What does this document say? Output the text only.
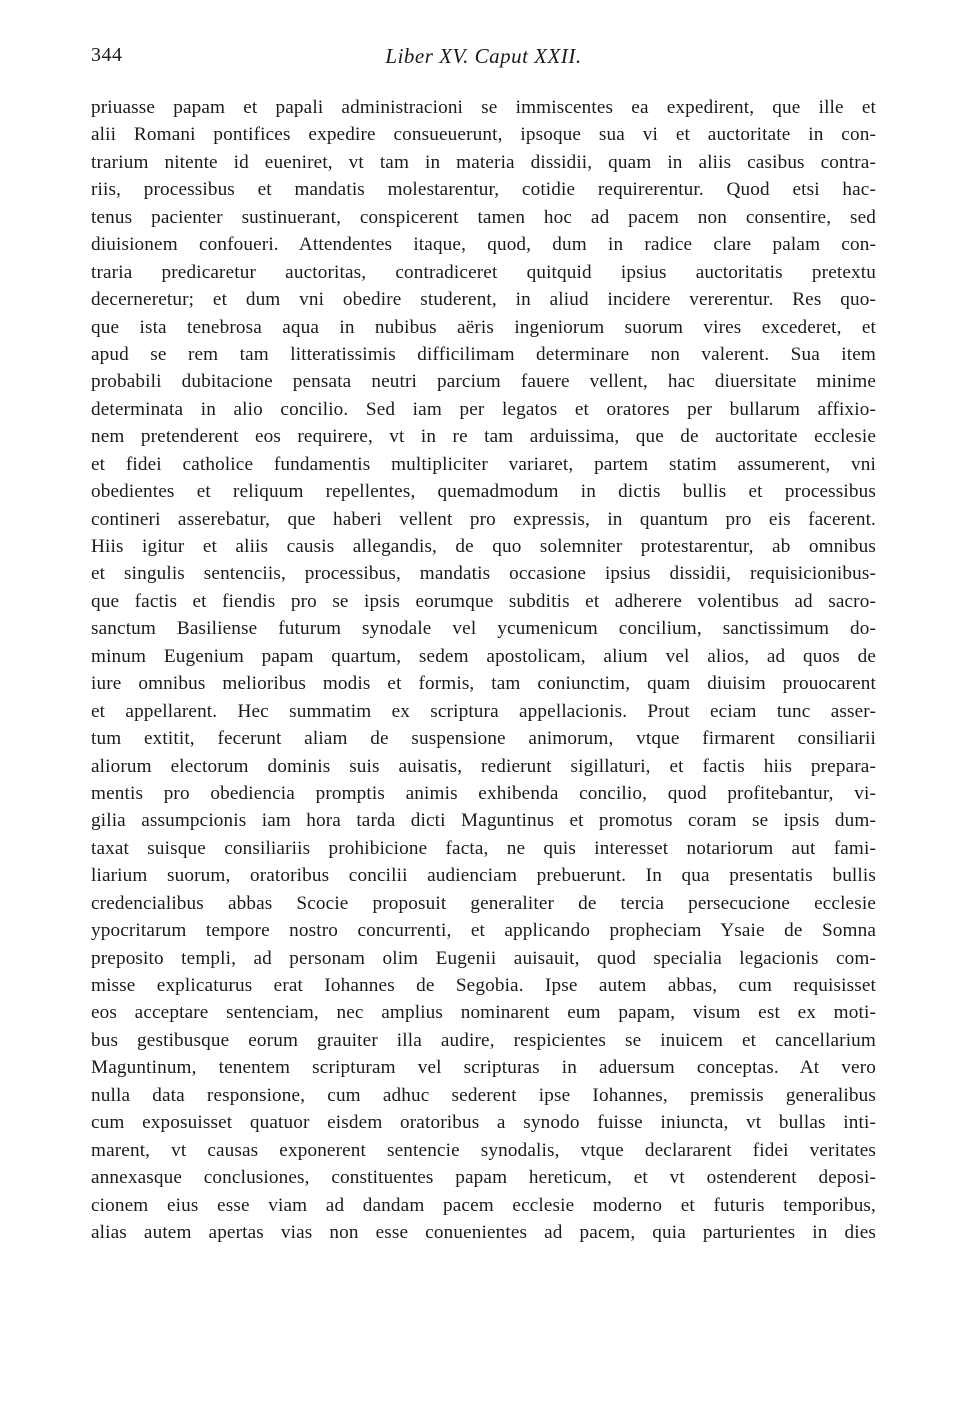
344	Liber XV. Caput XXII.
priuasse papam et papali administracioni se immiscentes ea expedirent, que ille et
alii Romani pontifices expedire consueuerunt, ipsoque sua vi et auctoritate in con-
trarium nitente id eueniret, vt tam in materia dissidii, quam in aliis casibus contra-
riis, processibus et mandatis molestarentur, cotidie requirerentur. Quod etsi hac-
tenus pacienter sustinuerant, conspicerent tamen hoc ad pacem non consentire, sed
diuisionem confoueri. Attendentes itaque, quod, dum in radice clare palam con-
traria predicaretur auctoritas, contradiceret quitquid ipsius auctoritatis pretextu
decerneretur; et dum vni obedire studerent, in aliud incidere vererentur. Res quo-
que ista tenebrosa aqua in nubibus aëris ingeniorum suorum vires excederet, et
apud se rem tam litteratissimis difficilimam determinare non valerent. Sua item
probabili dubitacione pensata neutri parcium fauere vellent, hac diuersitate minime
determinata in alio concilio. Sed iam per legatos et oratores per bullarum affixio-
nem pretenderent eos requirere, vt in re tam arduissima, que de auctoritate ecclesie
et fidei catholice fundamentis multipliciter variaret, partem statim assumerent, vni
obedientes et reliquum repellentes, quemadmodum in dictis bullis et processibus
contineri asserebatur, que haberi vellent pro expressis, in quantum pro eis facerent.
Hiis igitur et aliis causis allegandis, de quo solemniter protestarentur, ab omnibus
et singulis sentenciis, processibus, mandatis occasione ipsius dissidii, requisicionibus-
que factis et fiendis pro se ipsis eorumque subditis et adherere volentibus ad sacro-
sanctum Basiliense futurum synodale vel ycumenicum concilium, sanctissimum do-
minum Eugenium papam quartum, sedem apostolicam, alium vel alios, ad quos de
iure omnibus melioribus modis et formis, tam coniunctim, quam diuisim prouocarent
et appellarent. Hec summatim ex scriptura appellacionis. Prout eciam tunc asser-
tum extitit, fecerunt aliam de suspensione animorum, vtque firmarent consiliarii
aliorum electorum dominis suis auisatis, redierunt sigillaturi, et factis hiis prepara-
mentis pro obediencia promptis animis exhibenda concilio, quod profitebantur, vi-
gilia assumpcionis iam hora tarda dicti Maguntinus et promotus coram se ipsis dum-
taxat suisque consiliariis prohibicione facta, ne quis interesset notariorum aut fami-
liarium suorum, oratoribus concilii audienciam prebuerunt. In qua presentatis bullis
credencialibus abbas Scocie proposuit generaliter de tercia persecucione ecclesie
ypocritarum tempore nostro concurrenti, et applicando propheciam Ysaie de Somna
preposito templi, ad personam olim Eugenii auisauit, quod specialia legacionis com-
misse explicaturus erat Iohannes de Segobia. Ipse autem abbas, cum requisisset
eos acceptare sentenciam, nec amplius nominarent eum papam, visum est ex moti-
bus gestibusque eorum grauiter illa audire, respicientes se inuicem et cancellarium
Maguntinum, tenentem scripturam vel scripturas in aduersum conceptas. At vero
nulla data responsione, cum adhuc sederent ipse Iohannes, premissis generalibus
cum exposuisset quatuor eisdem oratoribus a synodo fuisse iniuncta, vt bullas inti-
marent, vt causas exponerent sentencie synodalis, vtque declararent fidei veritates
annexasque conclusiones, constituentes papam hereticum, et vt ostenderent deposi-
cionem eius esse viam ad dandam pacem ecclesie moderno et futuris temporibus,
alias autem apertas vias non esse conuenientes ad pacem, quia parturientes in dies
